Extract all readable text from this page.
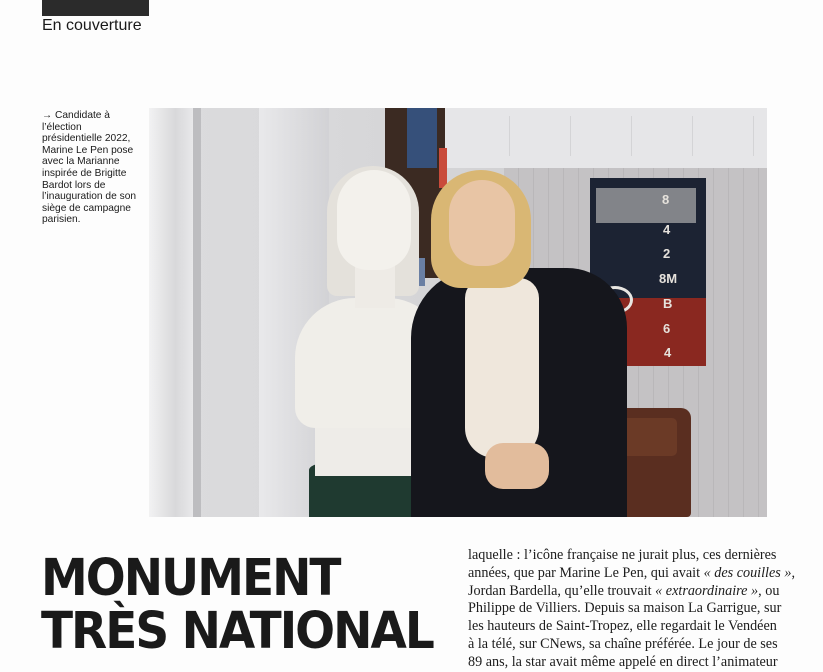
En couverture
→ Candidate à l’élection présidentielle 2022, Marine Le Pen pose avec la Marianne inspirée de Brigitte Bardot lors de l’inauguration de son siège de campagne parisien.
8
4
2
8M
B
6
4
MONUMENT
TRÈS NATIONAL
laquelle : l’icône française ne jurait plus, ces dernières
années, que par Marine Le Pen, qui avait « des couilles »,
Jordan Bardella, qu’elle trouvait « extraordinaire », ou
Philippe de Villiers. Depuis sa maison La Garrigue, sur
les hauteurs de Saint-Tropez, elle regardait le Vendéen
à la télé, sur CNews, sa chaîne préférée. Le jour de ses
89 ans, la star avait même appelé en direct l’animateur
